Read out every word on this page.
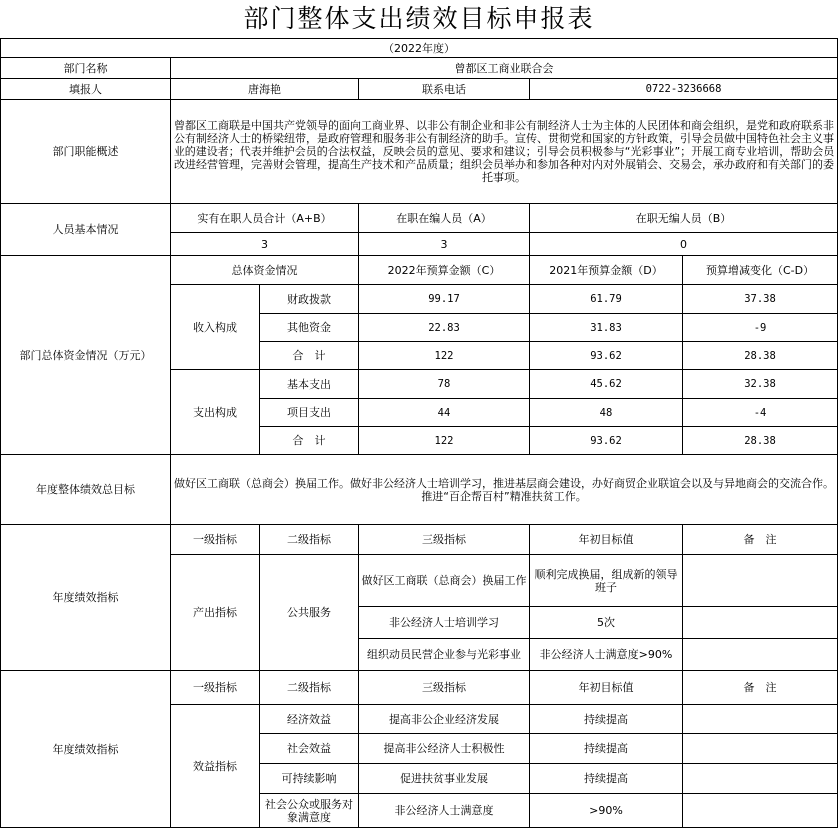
部门整体支出绩效目标申报表
（2022年度）					
部门名称	曾都区工商业联合会				
填报人	唐海艳		联系电话	0722-3236668	
部门职能概述	曾都区工商联是中国共产党领导的面向工商业界、以非公有制企业和非公有制经济人士为主体的人民团体和商会组织，是党和政府联系非公有制经济人士的桥梁纽带，是政府管理和服务非公有制经济的助手。宣传、贯彻党和国家的方针政策，引导会员做中国特色社会主义事业的建设者；代表并维护会员的合法权益，反映会员的意见、要求和建议；引导会员积极参与“光彩事业”；开展工商专业培训，帮助会员改进经营管理，完善财会管理，提高生产技术和产品质量；组织会员举办和参加各种对内对外展销会、交易会，承办政府和有关部门的委托事项。				
人员基本情况	实有在职人员合计（A+B）		在职在编人员（A）	在职无编人员（B）	
	3		3	0	
部门总体资金情况（万元）	总体资金情况		2022年预算金额（C）	2021年预算金额（D）	预算增减变化（C-D）
	收入构成	财政拨款	99.17	61.79	37.38
		其他资金	22.83	31.83	-9
		合　计	122	93.62	28.38
	支出构成	基本支出	78	45.62	32.38
		项目支出	44	48	-4
		合　计	122	93.62	28.38
年度整体绩效总目标	做好区工商联（总商会）换届工作。做好非公经济人士培训学习，推进基层商会建设，办好商贸企业联谊会以及与异地商会的交流合作。
推进“百企帮百村”精准扶贫工作。				

年度绩效指标	一级指标	二级指标	三级指标	年初目标值	备　注
	产出指标	公共服务	做好区工商联（总商会）换届工作	顺利完成换届，组成新的领导班子	
			非公经济人士培训学习	5次	
			组织动员民营企业参与光彩事业	非公经济人士满意度>90%	
年度绩效指标	一级指标	二级指标	三级指标	年初目标值	备　注
	效益指标	经济效益	提高非公企业经济发展	持续提高	
		社会效益	提高非公经济人士积极性	持续提高	
		可持续影响	促进扶贫事业发展	持续提高	
		社会公众或服务对象满意度	非公经济人士满意度	>90%	
